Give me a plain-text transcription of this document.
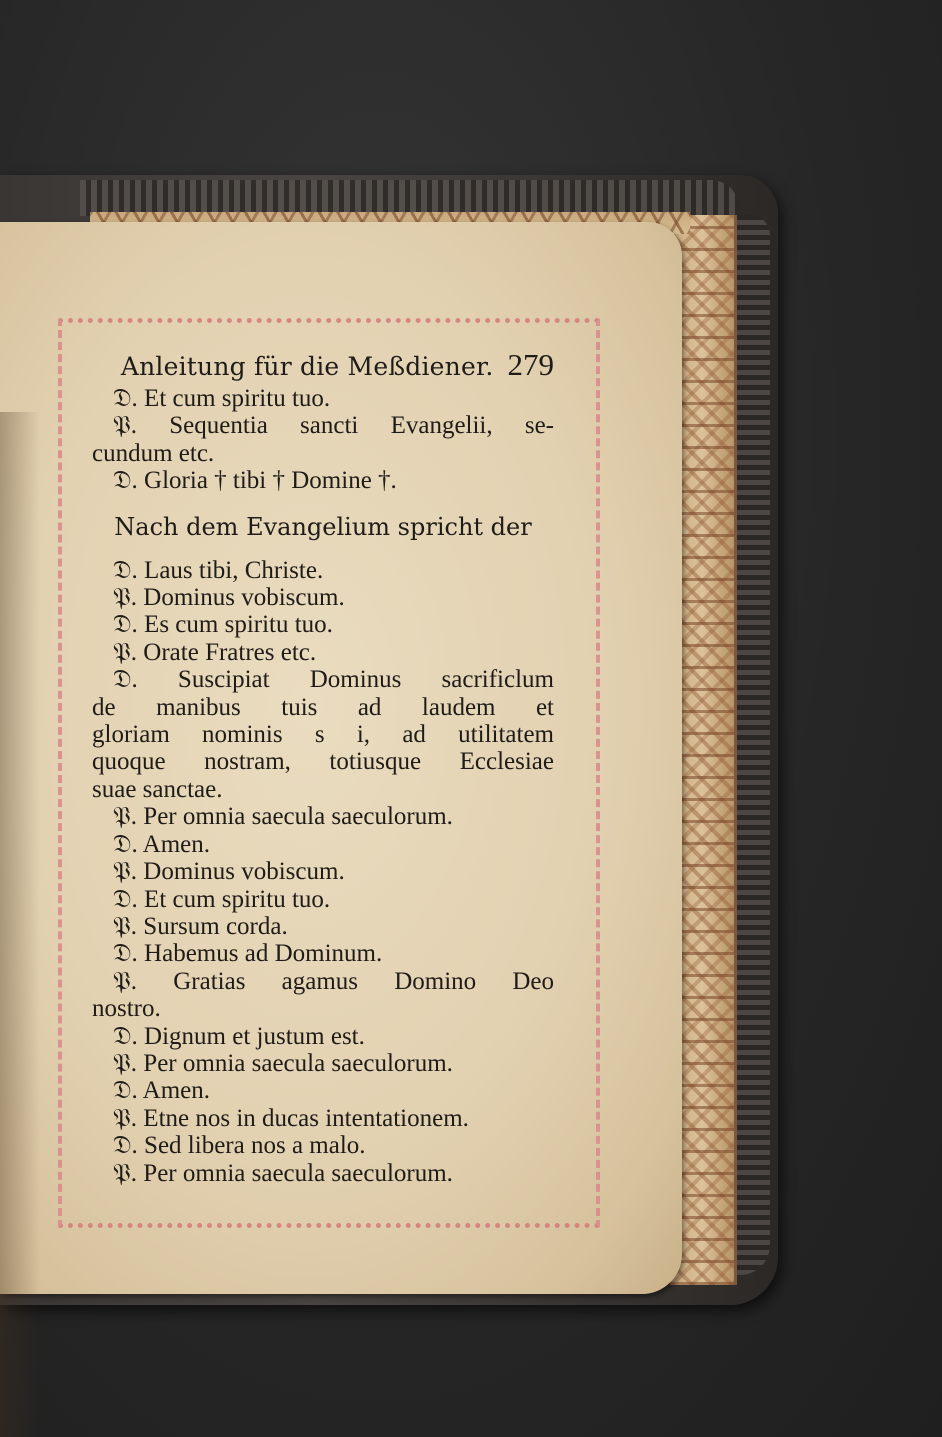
Anleitung für die Meßdiener. 279
𝔇. Et cum spiritu tuo.
𝔓. Sequentia sancti Evangelii, se-
cundum etc.
𝔇. Gloria † tibi † Domine †.
Nach dem Evangelium spricht der
𝔇. Laus tibi, Christe.
𝔓. Dominus vobiscum.
𝔇. Es cum spiritu tuo.
𝔓. Orate Fratres etc.
𝔇. Suscipiat Dominus sacrificlum
de manibus tuis ad laudem et
gloriam nominis s i, ad utilitatem
quoque nostram, totiusque Ecclesiae
suae sanctae.
𝔓. Per omnia saecula saeculorum.
𝔇. Amen.
𝔓. Dominus vobiscum.
𝔇. Et cum spiritu tuo.
𝔓. Sursum corda.
𝔇. Habemus ad Dominum.
𝔓. Gratias agamus Domino Deo
nostro.
𝔇. Dignum et justum est.
𝔓. Per omnia saecula saeculorum.
𝔇. Amen.
𝔓. Etne nos in ducas intentationem.
𝔇. Sed libera nos a malo.
𝔓. Per omnia saecula saeculorum.
